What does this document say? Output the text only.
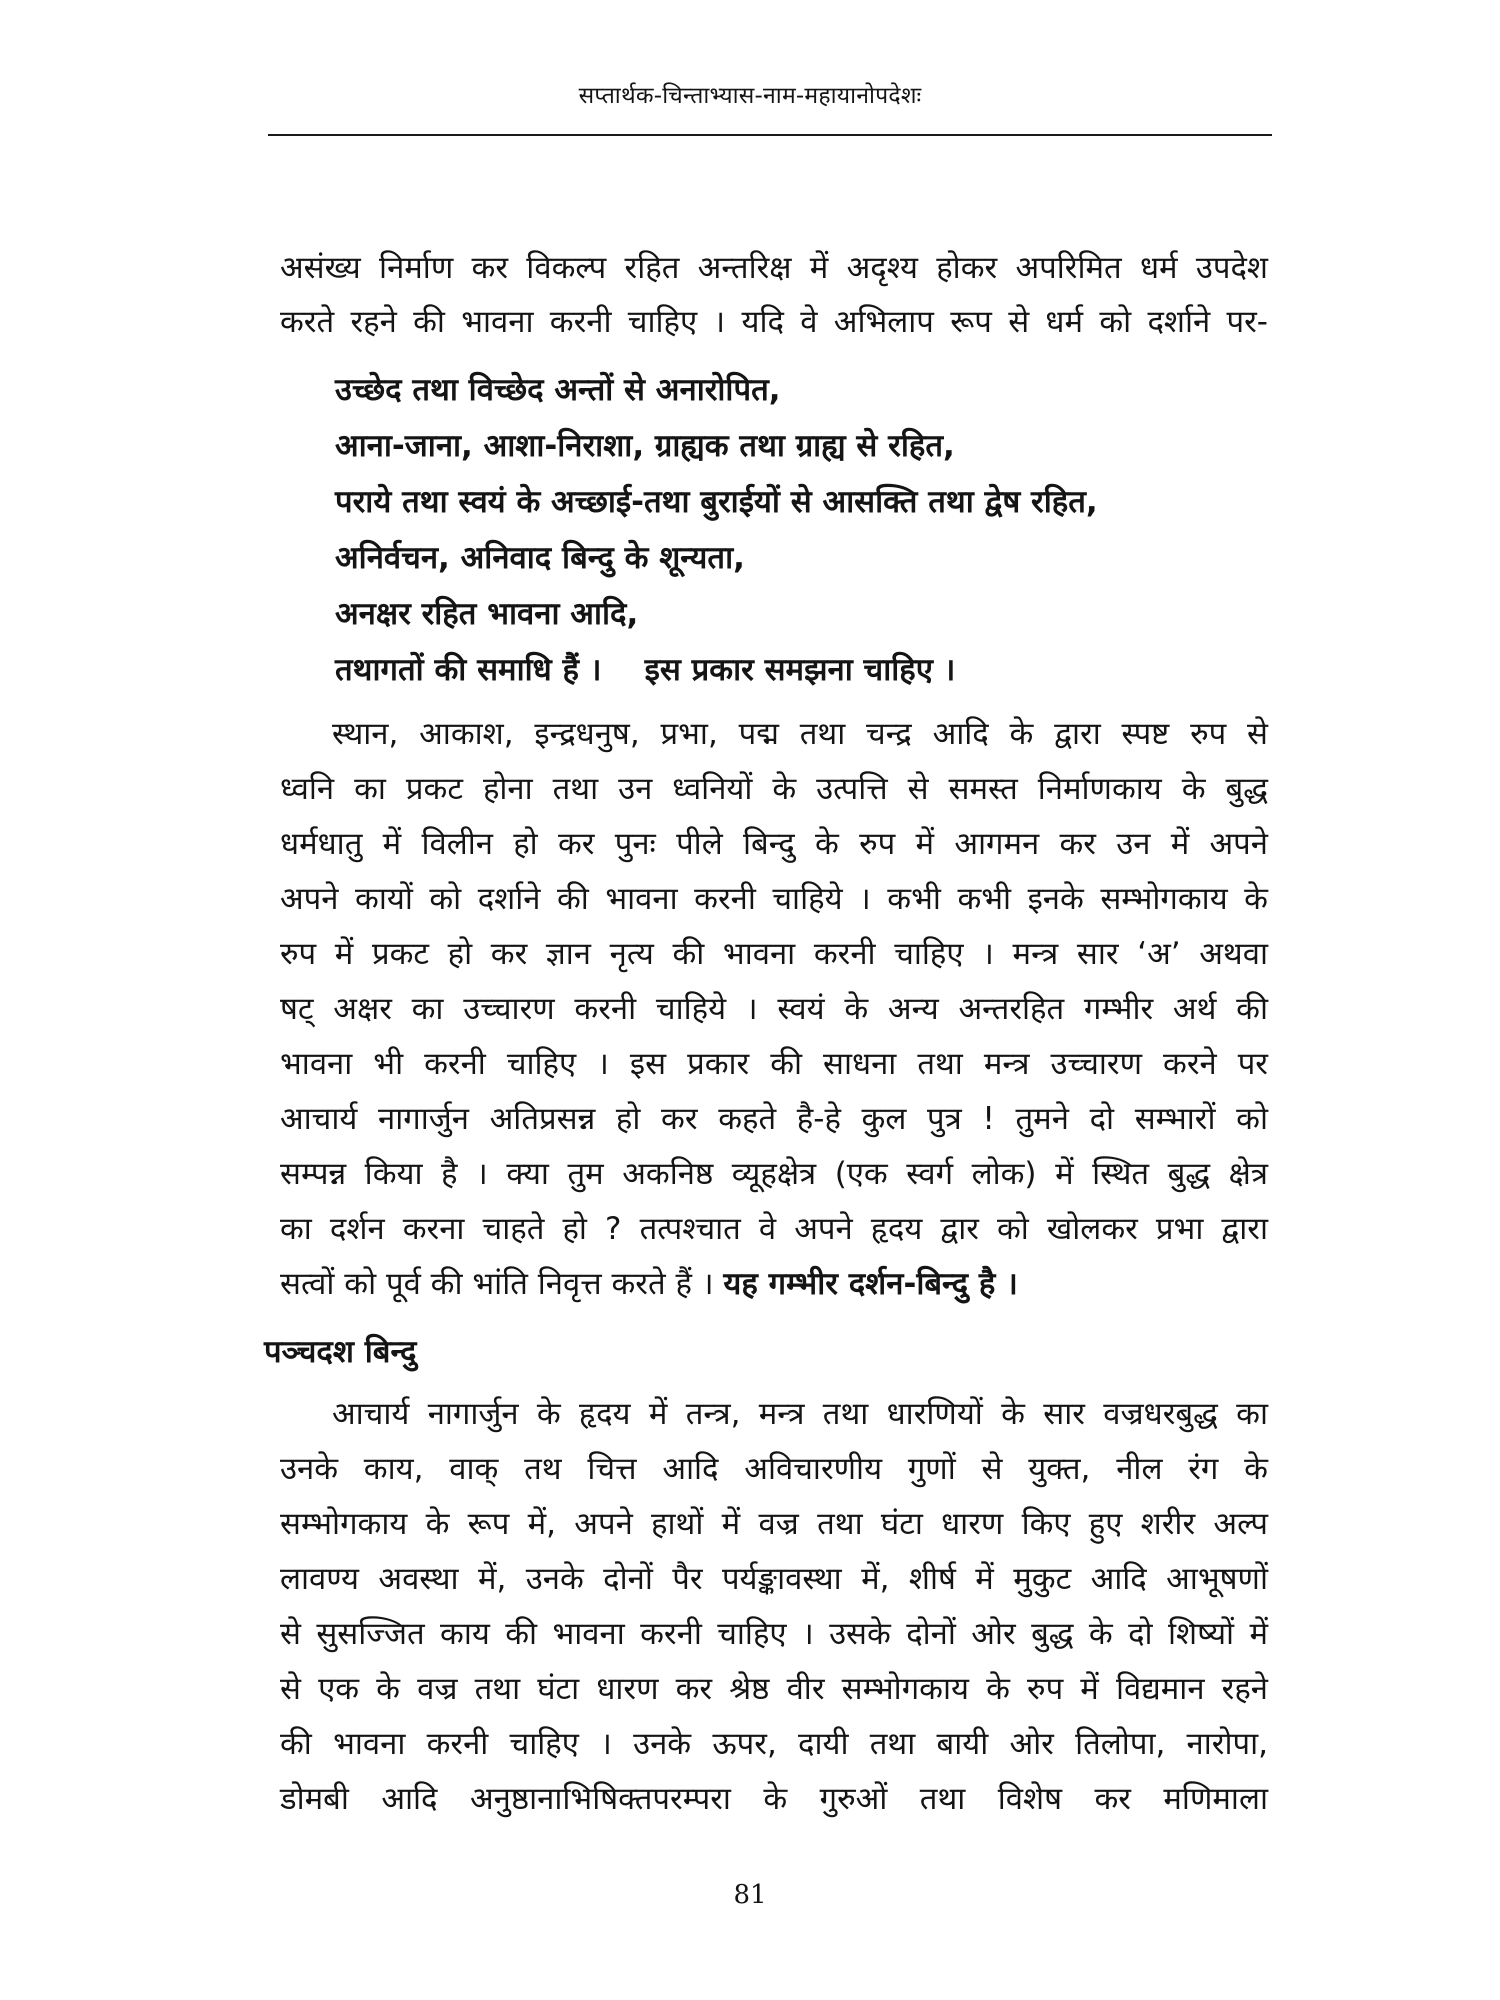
सप्तार्थक-चिन्ताभ्यास-नाम-महायानोपदेशः
असंख्य निर्माण कर विकल्प रहित अन्तरिक्ष में अदृश्य होकर अपरिमित धर्म उपदेश
करते रहने की भावना करनी चाहिए । यदि वे अभिलाप रूप से धर्म को दर्शाने पर-
उच्छेद तथा विच्छेद अन्तों से अनारोपित,
आना-जाना, आशा-निराशा, ग्राह्यक तथा ग्राह्य से रहित,
पराये तथा स्वयं के अच्छाई-तथा बुराईयों से आसक्ति तथा द्वेष रहित,
अनिर्वचन, अनिवाद बिन्दु के शून्यता,
अनक्षर रहित भावना आदि,
तथागतों की समाधि हैं ।    इस प्रकार समझना चाहिए ।
स्थान, आकाश, इन्द्रधनुष, प्रभा, पद्म तथा चन्द्र आदि के द्वारा स्पष्ट रुप से
ध्वनि का प्रकट होना तथा उन ध्वनियों के उत्पत्ति से समस्त निर्माणकाय के बुद्ध
धर्मधातु में विलीन हो कर पुनः पीले बिन्दु के रुप में आगमन कर उन में अपने
अपने कायों को दर्शाने की भावना करनी चाहिये । कभी कभी इनके सम्भोगकाय के
रुप में प्रकट हो कर ज्ञान नृत्य की भावना करनी चाहिए । मन्त्र सार ‘अ’ अथवा
षट् अक्षर का उच्चारण करनी चाहिये । स्वयं के अन्य अन्तरहित गम्भीर अर्थ की
भावना भी करनी चाहिए । इस प्रकार की साधना तथा मन्त्र उच्चारण करने पर
आचार्य नागार्जुन अतिप्रसन्न हो कर कहते है-हे कुल पुत्र ! तुमने दो सम्भारों को
सम्पन्न किया है । क्या तुम अकनिष्ठ व्यूहक्षेत्र (एक स्वर्ग लोक) में स्थित बुद्ध क्षेत्र
का दर्शन करना चाहते हो ? तत्पश्चात वे अपने हृदय द्वार को खोलकर प्रभा द्वारा
सत्वों को पूर्व की भांति निवृत्त करते हैं । यह गम्भीर दर्शन-बिन्दु है ।
पञ्चदश बिन्दु
आचार्य नागार्जुन के हृदय में तन्त्र, मन्त्र तथा धारणियों के सार वज्रधरबुद्ध का
उनके काय, वाक् तथ चित्त आदि अविचारणीय गुणों से युक्त, नील रंग के
सम्भोगकाय के रूप में, अपने हाथों में वज्र तथा घंटा धारण किए हुए शरीर अल्प
लावण्य अवस्था में, उनके दोनों पैर पर्यङ्कावस्था में, शीर्ष में मुकुट आदि आभूषणों
से सुसज्जित काय की भावना करनी चाहिए । उसके दोनों ओर बुद्ध के दो शिष्यों में
से एक के वज्र तथा घंटा धारण कर श्रेष्ठ वीर सम्भोगकाय के रुप में विद्यमान रहने
की भावना करनी चाहिए । उनके ऊपर, दायी तथा बायी ओर तिलोपा, नारोपा,
डोमबी आदि अनुष्ठानाभिषिक्तपरम्परा के गुरुओं तथा विशेष कर मणिमाला
81
